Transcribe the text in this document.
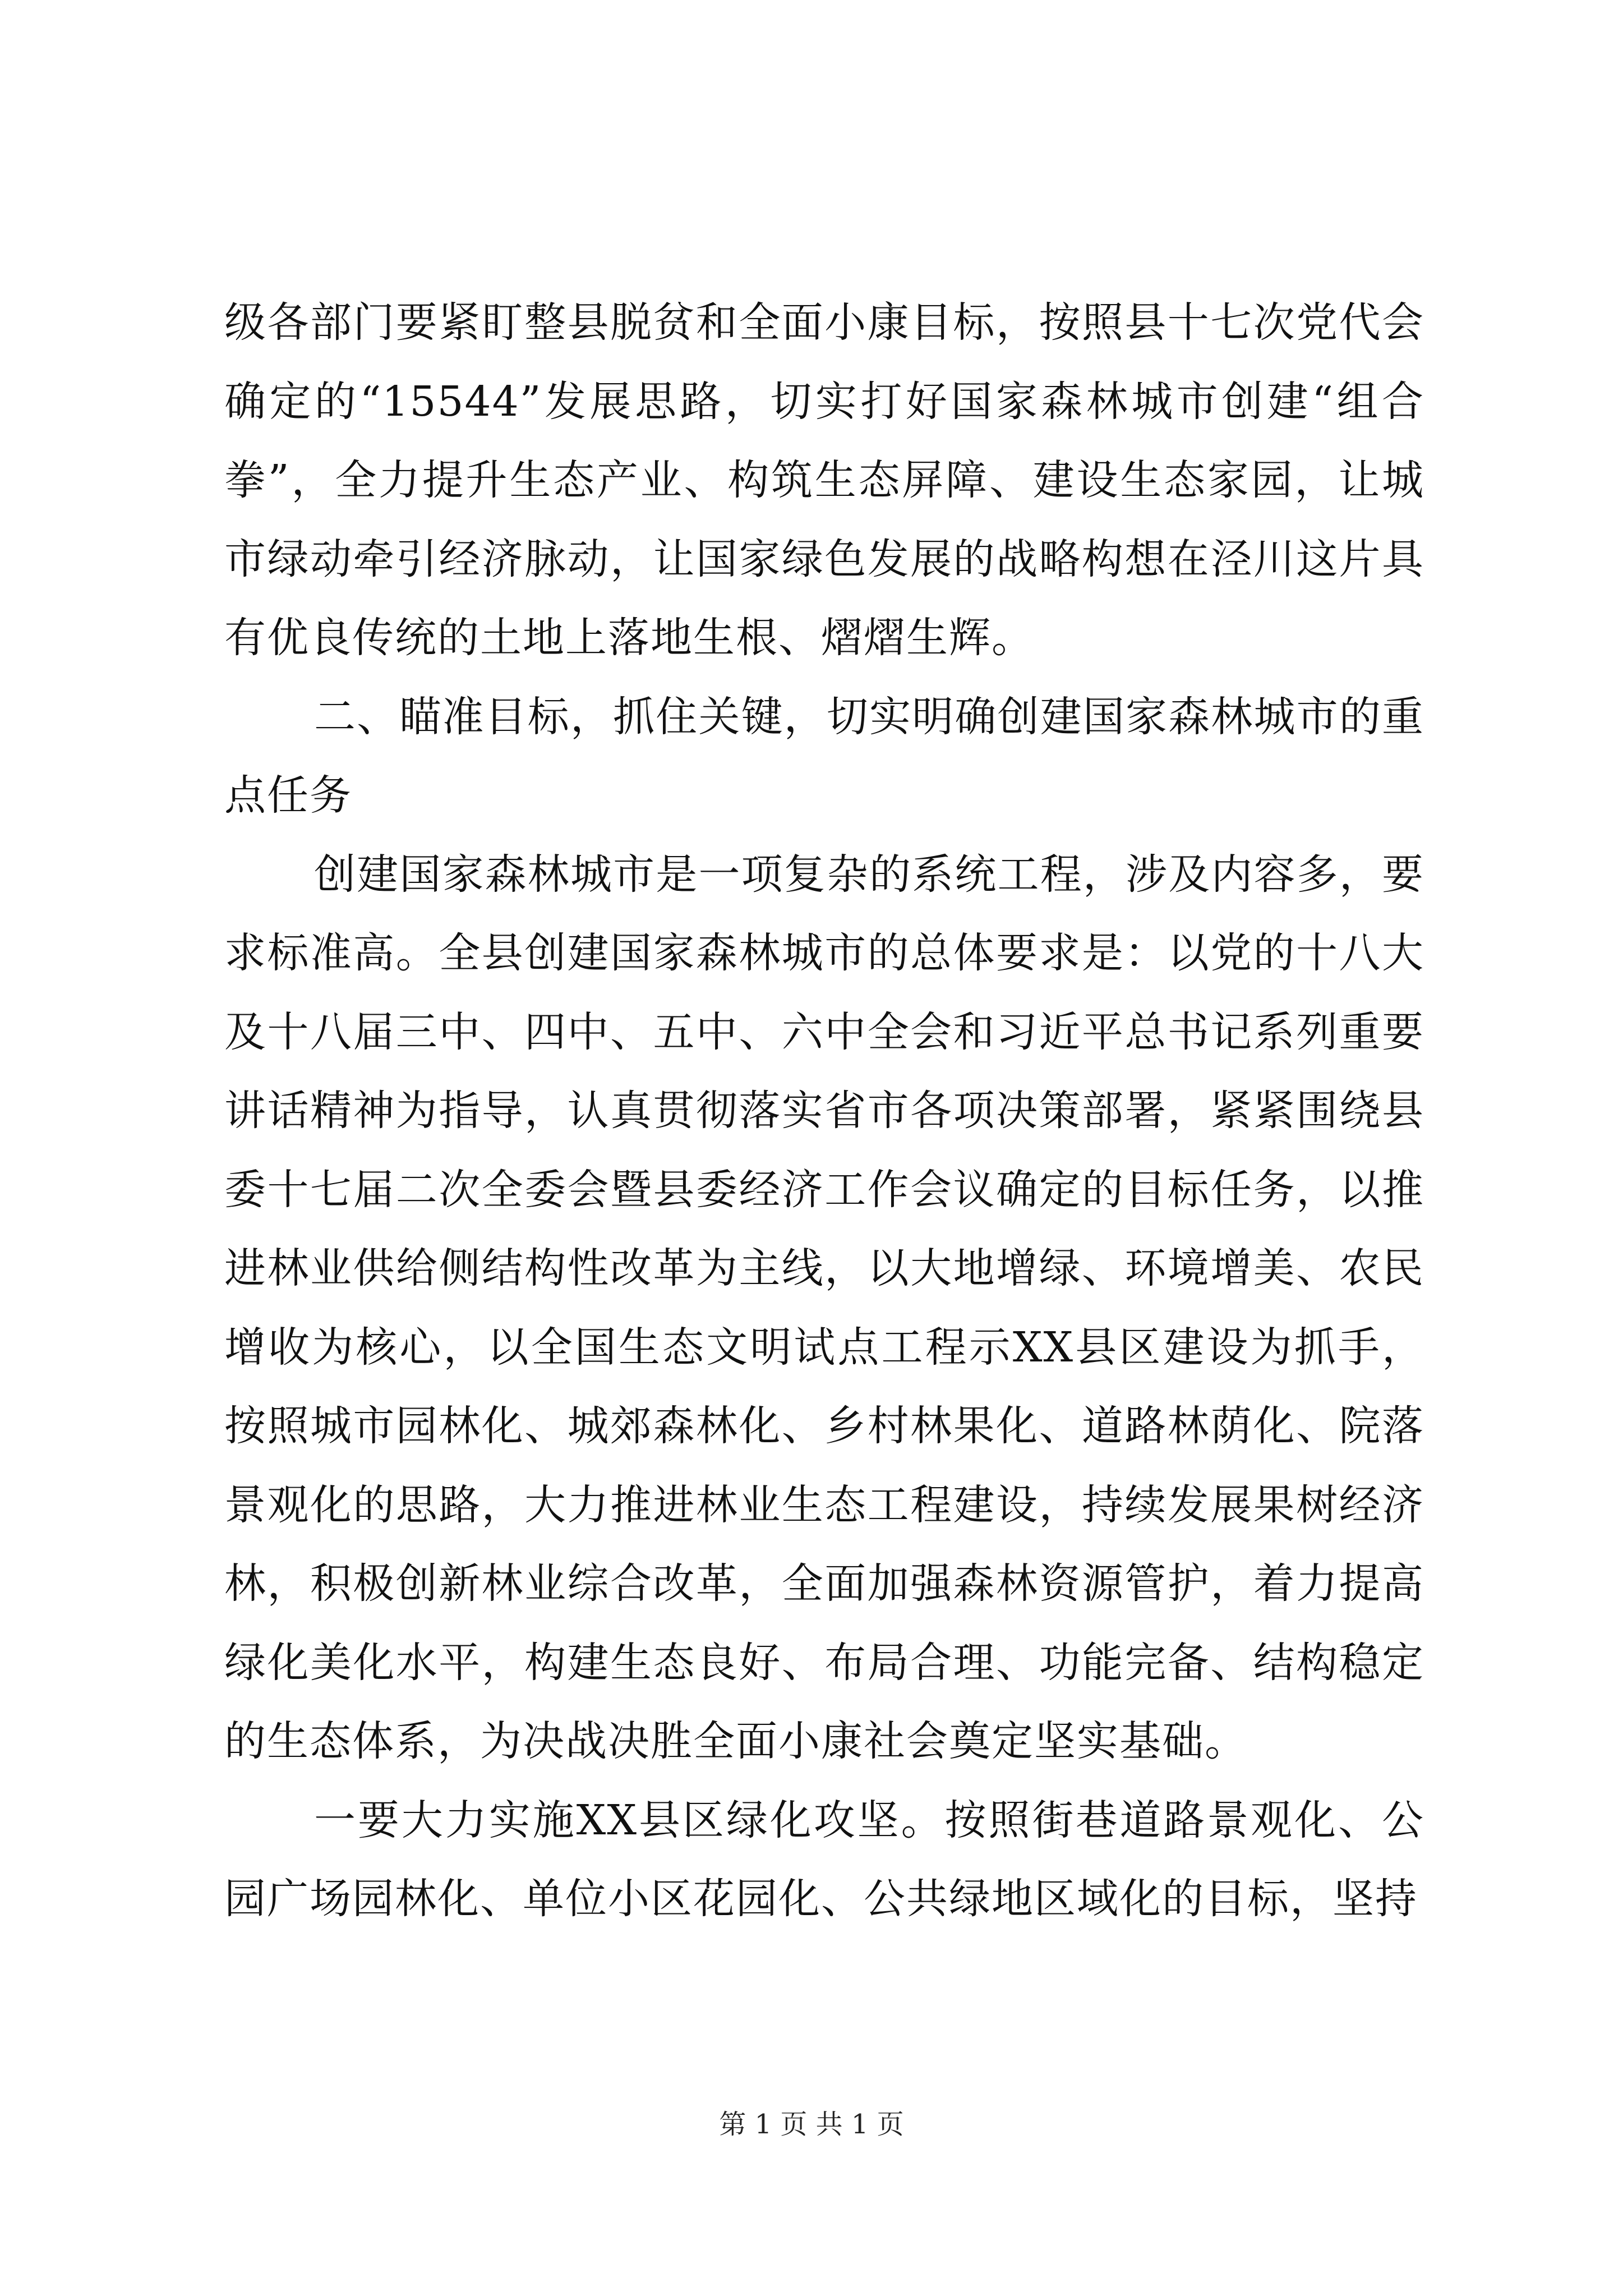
级各部门要紧盯整县脱贫和全面小康目标，按照县十七次党代会确定的“15544”发展思路，切实打好国家森林城市创建“组合拳”，全力提升生态产业、构筑生态屏障、建设生态家园，让城市绿动牵引经济脉动，让国家绿色发展的战略构想在泾川这片具有优良传统的土地上落地生根、熠熠生辉。

二、瞄准目标，抓住关键，切实明确创建国家森林城市的重点任务

创建国家森林城市是一项复杂的系统工程，涉及内容多，要求标准高。全县创建国家森林城市的总体要求是：以党的十八大及十八届三中、四中、五中、六中全会和习近平总书记系列重要讲话精神为指导，认真贯彻落实省市各项决策部署，紧紧围绕县委十七届二次全委会暨县委经济工作会议确定的目标任务，以推进林业供给侧结构性改革为主线，以大地增绿、环境增美、农民增收为核心，以全国生态文明试点工程示XX县区建设为抓手，按照城市园林化、城郊森林化、乡村林果化、道路林荫化、院落景观化的思路，大力推进林业生态工程建设，持续发展果树经济林，积极创新林业综合改革，全面加强森林资源管护，着力提高绿化美化水平，构建生态良好、布局合理、功能完备、结构稳定的生态体系，为决战决胜全面小康社会奠定坚实基础。

一要大力实施XX县区绿化攻坚。按照街巷道路景观化、公园广场园林化、单位小区花园化、公共绿地区域化的目标，坚持

第 1 页 共 1 页
